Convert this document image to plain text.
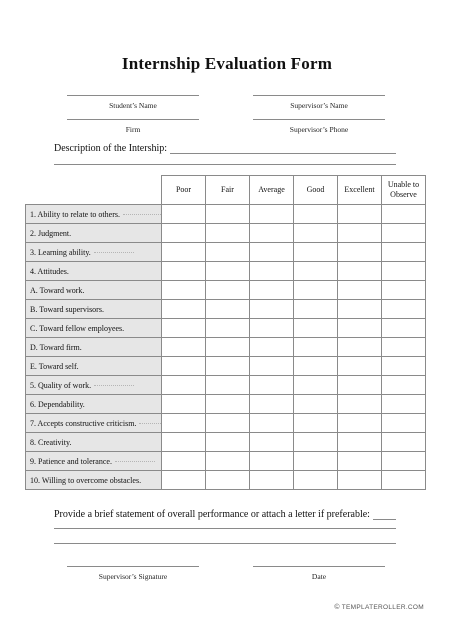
Internship Evaluation Form
Student’s Name	Supervisor’s Name
Firm	Supervisor’s Phone
Description of the Intership:
	Poor	Fair	Average	Good	Excellent	Unable to Observe
1. Ability to relate to others.						
2. Judgment.						
3. Learning ability.						
4. Attitudes.						
A. Toward work.						
B. Toward supervisors.						
C. Toward fellow employees.						
D. Toward firm.						
E. Toward self.						
5. Quality of work.						
6. Dependability.						
7. Accepts constructive criticism.						
8. Creativity.						
9. Patience and tolerance.						
10. Willing to overcome obstacles.						
Provide a brief statement of overall performance or attach a letter if preferable:
Supervisor’s Signature	Date
© TEMPLATEROLLER.COM
